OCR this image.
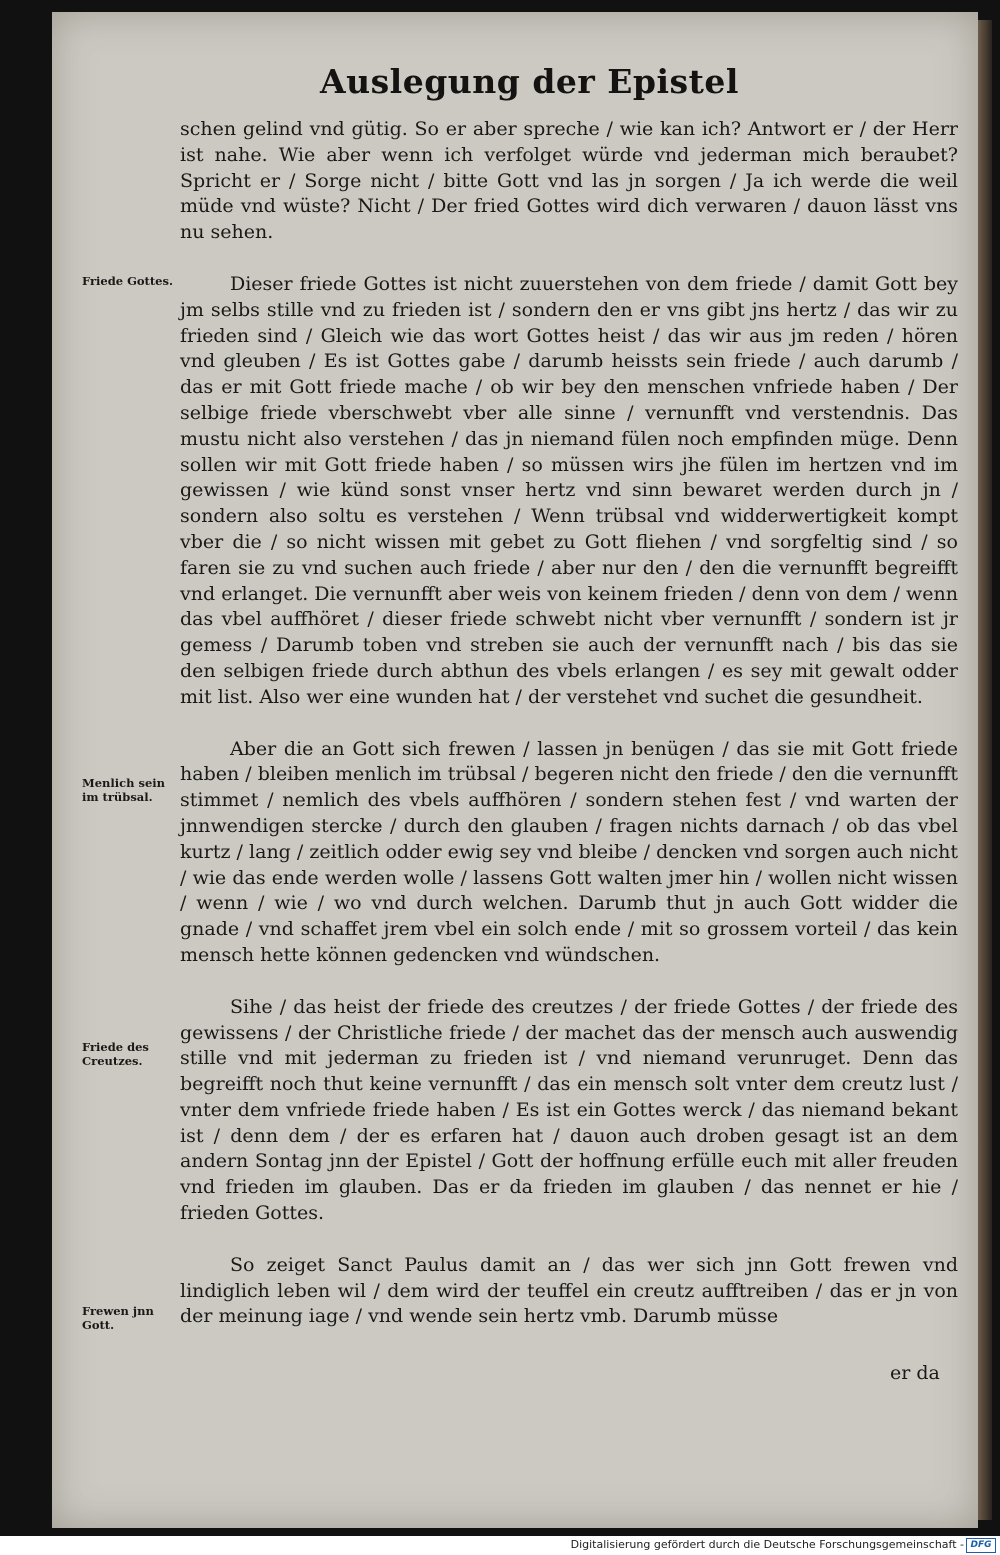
Auslegung der Epistel
Friede Gottes.
Menlich sein im trübsal.
Friede des Creutzes.
Frewen jnn Gott.

schen gelind vnd gütig. So er aber spreche / wie kan ich? Antwort er / der Herr ist nahe. Wie aber wenn ich verfolget würde vnd jederman mich beraubet? Spricht er / Sorge nicht / bitte Gott vnd las jn sorgen / Ja ich werde die weil müde vnd wüste? Nicht / Der fried Gottes wird dich verwaren / dauon lässt vns nu sehen.

Dieser friede Gottes ist nicht zuuerstehen von dem friede / damit Gott bey jm selbs stille vnd zu frieden ist / sondern den er vns gibt jns hertz / das wir zu frieden sind / Gleich wie das wort Gottes heist / das wir aus jm reden / hören vnd gleuben / Es ist Gottes gabe / darumb heissts sein friede / auch darumb / das er mit Gott friede mache / ob wir bey den menschen vnfriede haben / Der selbige friede vberschwebt vber alle sinne / vernunfft vnd verstendnis. Das mustu nicht also verstehen / das jn niemand fülen noch empfinden müge. Denn sollen wir mit Gott friede haben / so müssen wirs jhe fülen im hertzen vnd im gewissen / wie künd sonst vnser hertz vnd sinn bewaret werden durch jn / sondern also soltu es verstehen / Wenn trübsal vnd widderwertigkeit kompt vber die / so nicht wissen mit gebet zu Gott fliehen / vnd sorgfeltig sind / so faren sie zu vnd suchen auch friede / aber nur den / den die vernunfft begreifft vnd erlanget. Die vernunfft aber weis von keinem frieden / denn von dem / wenn das vbel auffhöret / dieser friede schwebt nicht vber vernunfft / sondern ist jr gemess / Darumb toben vnd streben sie auch der vernunfft nach / bis das sie den selbigen friede durch abthun des vbels erlangen / es sey mit gewalt odder mit list. Also wer eine wunden hat / der verstehet vnd suchet die gesundheit.

Aber die an Gott sich frewen / lassen jn benügen / das sie mit Gott friede haben / bleiben menlich im trübsal / begeren nicht den friede / den die vernunfft stimmet / nemlich des vbels auffhören / sondern stehen fest / vnd warten der jnnwendigen stercke / durch den glauben / fragen nichts darnach / ob das vbel kurtz / lang / zeitlich odder ewig sey vnd bleibe / dencken vnd sorgen auch nicht / wie das ende werden wolle / lassens Gott walten jmer hin / wollen nicht wissen / wenn / wie / wo vnd durch welchen. Darumb thut jn auch Gott widder die gnade / vnd schaffet jrem vbel ein solch ende / mit so grossem vorteil / das kein mensch hette können gedencken vnd wündschen.

Sihe / das heist der friede des creutzes / der friede Gottes / der friede des gewissens / der Christliche friede / der machet das der mensch auch auswendig stille vnd mit jederman zu frieden ist / vnd niemand verunruget. Denn das begreifft noch thut keine vernunfft / das ein mensch solt vnter dem creutz lust / vnter dem vnfriede friede haben / Es ist ein Gottes werck / das niemand bekant ist / denn dem / der es erfaren hat / dauon auch droben gesagt ist an dem andern Sontag jnn der Epistel / Gott der hoffnung erfülle euch mit aller freuden vnd frieden im glauben. Das er da frieden im glauben / das nennet er hie / frieden Gottes.

So zeiget Sanct Paulus damit an / das wer sich jnn Gott frewen vnd lindiglich leben wil / dem wird der teuffel ein creutz aufftreiben / das er jn von der meinung iage / vnd wende sein hertz vmb. Darumb müsse

er da
Digitalisierung gefördert durch die Deutsche Forschungsgemeinschaft - DFG
